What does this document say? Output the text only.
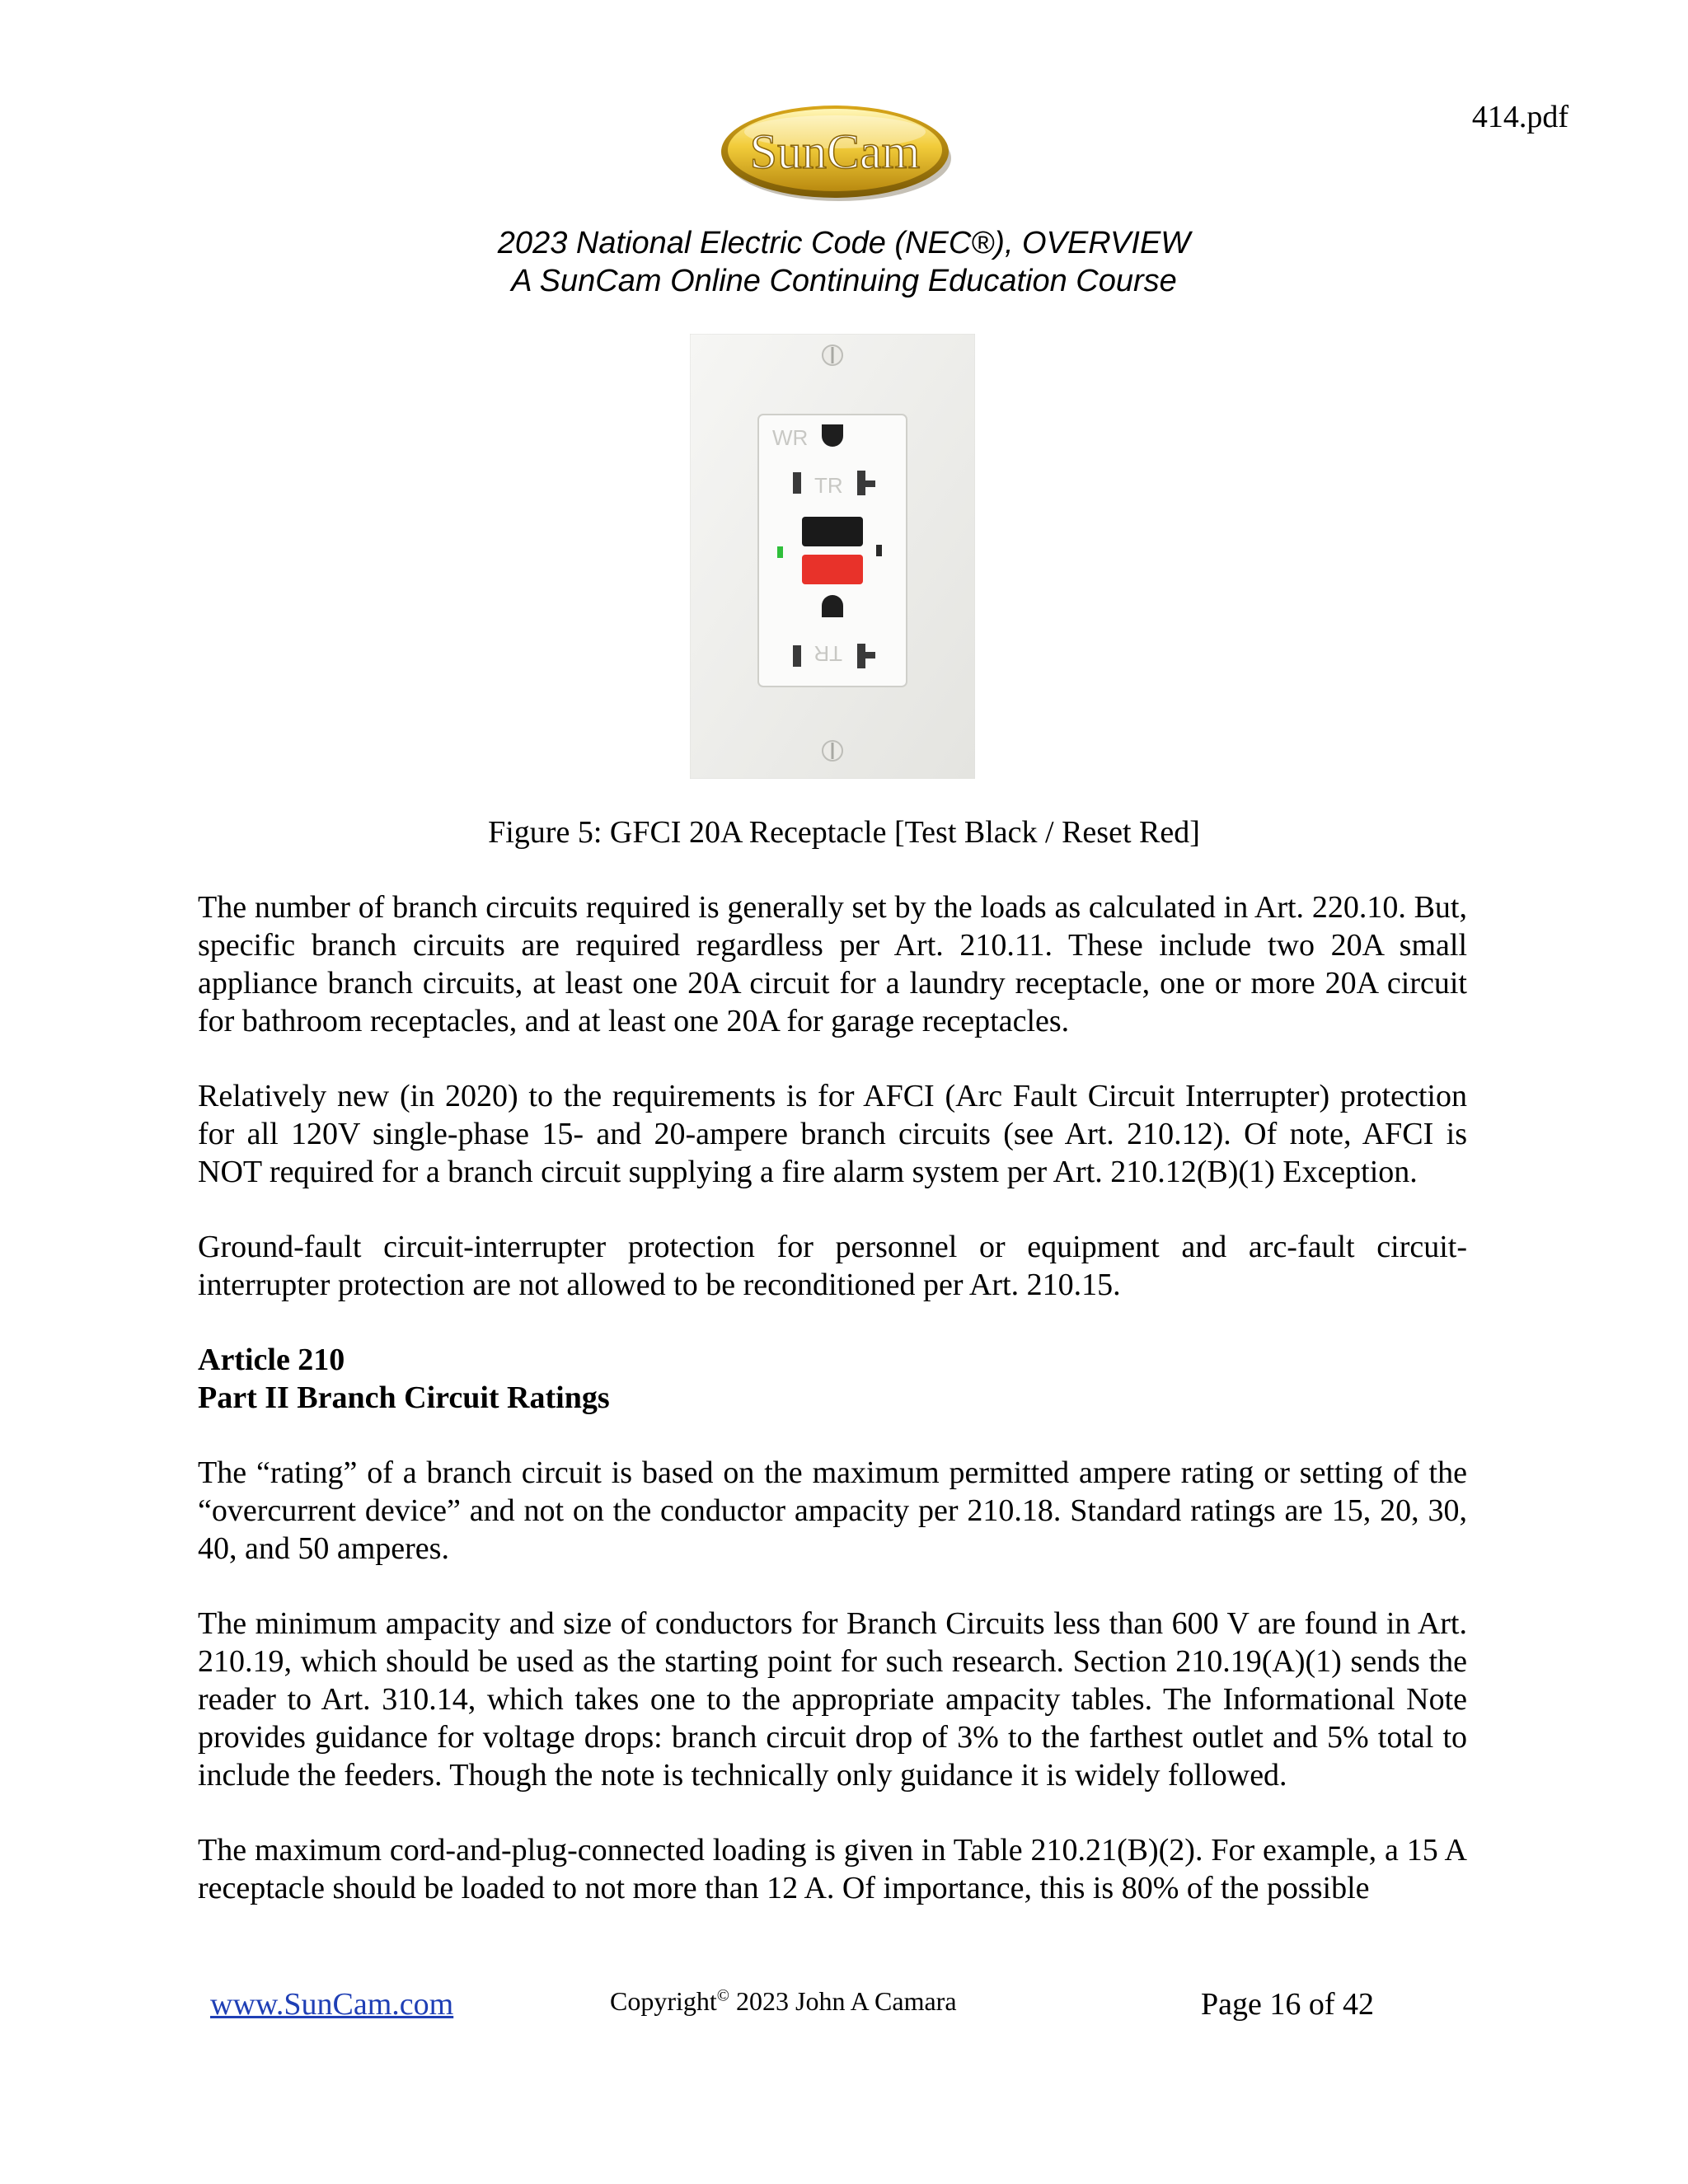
414.pdf
SunCam
2023 National Electric Code (NEC®), OVERVIEW
A SunCam Online Continuing Education Course
WR
TR
TR
Figure 5: GFCI 20A Receptacle [Test Black / Reset Red]

The number of branch circuits required is generally set by the loads as calculated in Art. 220.10. But, specific branch circuits are required regardless per Art. 210.11. These include two 20A small appliance branch circuits, at least one 20A circuit for a laundry receptacle, one or more 20A circuit for bathroom receptacles, and at least one 20A for garage receptacles.

Relatively new (in 2020) to the requirements is for AFCI (Arc Fault Circuit Interrupter) protection for all 120V single-phase 15- and 20-ampere branch circuits (see Art. 210.12). Of note, AFCI is NOT required for a branch circuit supplying a fire alarm system per Art. 210.12(B)(1) Exception.

Ground-fault circuit-interrupter protection for personnel or equipment and arc-fault circuit-interrupter protection are not allowed to be reconditioned per Art. 210.15.

Article 210
Part II Branch Circuit Ratings

The “rating” of a branch circuit is based on the maximum permitted ampere rating or setting of the “overcurrent device” and not on the conductor ampacity per 210.18. Standard ratings are 15, 20, 30, 40, and 50 amperes.

The minimum ampacity and size of conductors for Branch Circuits less than 600 V are found in Art. 210.19, which should be used as the starting point for such research. Section 210.19(A)(1) sends the reader to Art. 310.14, which takes one to the appropriate ampacity tables. The Informational Note provides guidance for voltage drops: branch circuit drop of 3% to the farthest outlet and 5% total to include the feeders. Though the note is technically only guidance it is widely followed.

The maximum cord-and-plug-connected loading is given in Table 210.21(B)(2). For example, a 15 A receptacle should be loaded to not more than 12 A. Of importance, this is 80% of the possible

www.SunCam.com	Copyright© 2023 John A Camara	Page 16 of 42
